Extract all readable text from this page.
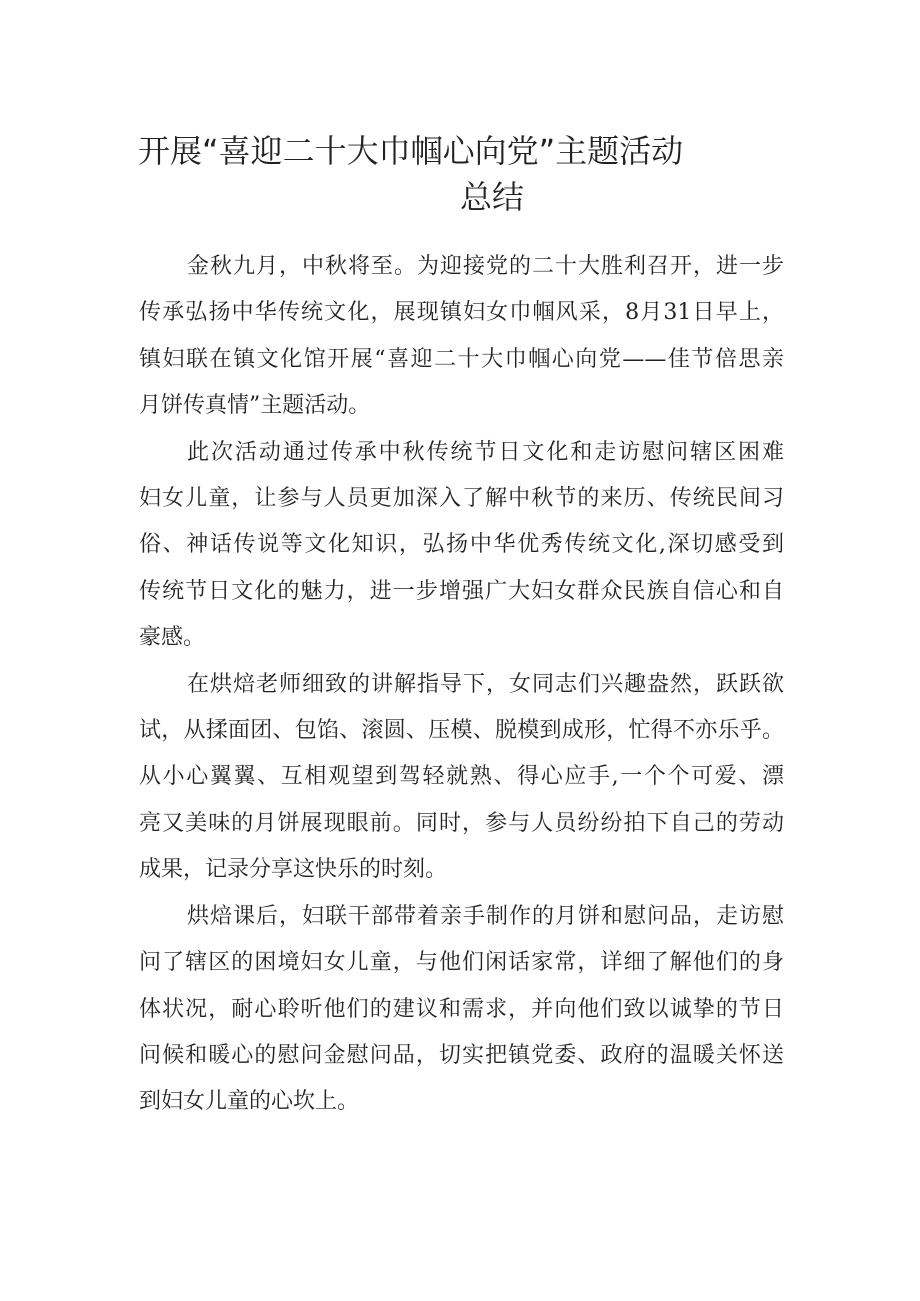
开展“喜迎二十大巾帼心向党”主题活动
总结
金秋九月，中秋将至。为迎接党的二十大胜利召开，进一步
传承弘扬中华传统文化，展现镇妇女巾帼风采，8月31日早上，
镇妇联在镇文化馆开展“喜迎二十大巾帼心向党——佳节倍思亲
月饼传真情”主题活动。
此次活动通过传承中秋传统节日文化和走访慰问辖区困难
妇女儿童，让参与人员更加深入了解中秋节的来历、传统民间习
俗、神话传说等文化知识，弘扬中华优秀传统文化,深切感受到
传统节日文化的魅力，进一步增强广大妇女群众民族自信心和自
豪感。
在烘焙老师细致的讲解指导下，女同志们兴趣盎然，跃跃欲
试，从揉面团、包馅、滚圆、压模、脱模到成形，忙得不亦乐乎。
从小心翼翼、互相观望到驾轻就熟、得心应手,一个个可爱、漂
亮又美味的月饼展现眼前。同时，参与人员纷纷拍下自己的劳动
成果，记录分享这快乐的时刻。
烘焙课后，妇联干部带着亲手制作的月饼和慰问品，走访慰
问了辖区的困境妇女儿童，与他们闲话家常，详细了解他们的身
体状况，耐心聆听他们的建议和需求，并向他们致以诚挚的节日
问候和暖心的慰问金慰问品，切实把镇党委、政府的温暖关怀送
到妇女儿童的心坎上。
